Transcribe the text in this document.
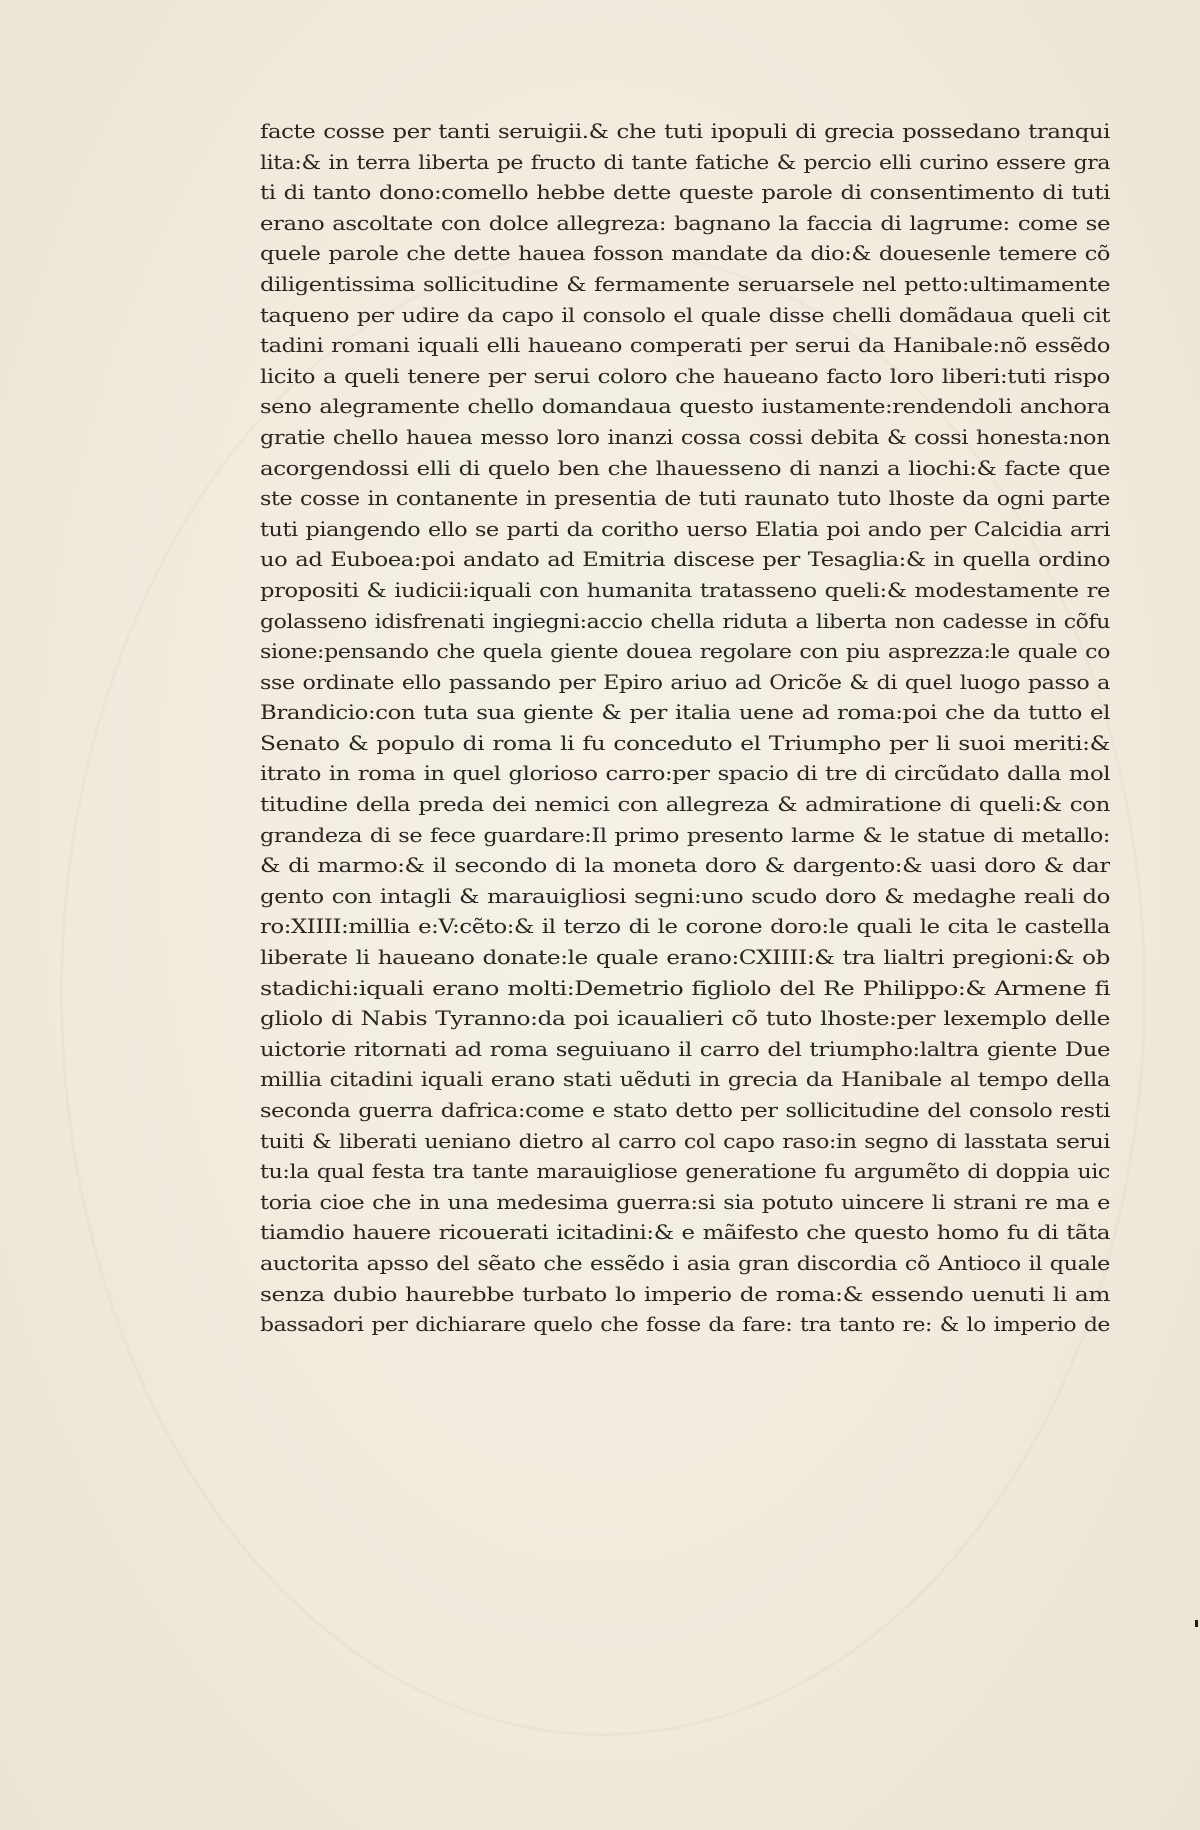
facte cosse per tanti seruigii.& che tuti ipopuli di grecia possedano tranqui
lita:& in terra liberta pe fructo di tante fatiche & percio elli curino essere gra
ti di tanto dono:comello hebbe dette queste parole di consentimento di tuti
erano ascoltate con dolce allegreza: bagnano la faccia di lagrume: come se
quele parole che dette hauea fosson mandate da dio:& douesenle temere cõ
diligentissima sollicitudine & fermamente seruarsele nel petto:ultimamente
taqueno per udire da capo il consolo el quale disse chelli domãdaua queli cit
tadini romani iquali elli haueano comperati per serui da Hanibale:nõ essẽdo
licito a queli tenere per serui coloro che haueano facto loro liberi:tuti rispo
seno alegramente chello domandaua questo iustamente:rendendoli anchora
gratie chello hauea messo loro inanzi cossa cossi debita & cossi honesta:non
acorgendossi elli di quelo ben che lhauesseno di nanzi a liochi:& facte que
ste cosse in contanente in presentia de tuti raunato tuto lhoste da ogni parte
tuti piangendo ello se parti da coritho uerso Elatia poi ando per Calcidia arri
uo ad Euboea:poi andato ad Emitria discese per Tesaglia:& in quella ordino
propositi & iudicii:iquali con humanita tratasseno queli:& modestamente re
golasseno idisfrenati ingiegni:accio chella riduta a liberta non cadesse in cõfu
sione:pensando che quela giente douea regolare con piu asprezza:le quale co
sse ordinate ello passando per Epiro ariuo ad Oricõe & di quel luogo passo a
Brandicio:con tuta sua giente & per italia uene ad roma:poi che da tutto el
Senato & populo di roma li fu conceduto el Triumpho per li suoi meriti:&
itrato in roma in quel glorioso carro:per spacio di tre di circũdato dalla mol
titudine della preda dei nemici con allegreza & admiratione di queli:& con
grandeza di se fece guardare:Il primo presento larme & le statue di metallo:
& di marmo:& il secondo di la moneta doro & dargento:& uasi doro & dar
gento con intagli & marauigliosi segni:uno scudo doro & medaghe reali do
ro:XIIII:millia e:V:cẽto:& il terzo di le corone doro:le quali le cita le castella
liberate li haueano donate:le quale erano:CXIIII:& tra lialtri pregioni:& ob
stadichi:iquali erano molti:Demetrio figliolo del Re Philippo:& Armene fi
gliolo di Nabis Tyranno:da poi icaualieri cõ tuto lhoste:per lexemplo delle
uictorie ritornati ad roma seguiuano il carro del triumpho:laltra giente Due
millia citadini iquali erano stati uẽduti in grecia da Hanibale al tempo della
seconda guerra dafrica:come e stato detto per sollicitudine del consolo resti
tuiti & liberati ueniano dietro al carro col capo raso:in segno di lasstata serui
tu:la qual festa tra tante marauigliose generatione fu argumẽto di doppia uic
toria cioe che in una medesima guerra:si sia potuto uincere li strani re ma e
tiamdio hauere ricouerati icitadini:& e mãifesto che questo homo fu di tãta
auctorita apsso del sẽato che essẽdo i asia gran discordia cõ Antioco il quale
senza dubio haurebbe turbato lo imperio de roma:& essendo uenuti li am
bassadori per dichiarare quelo che fosse da fare: tra tanto re: & lo imperio de
